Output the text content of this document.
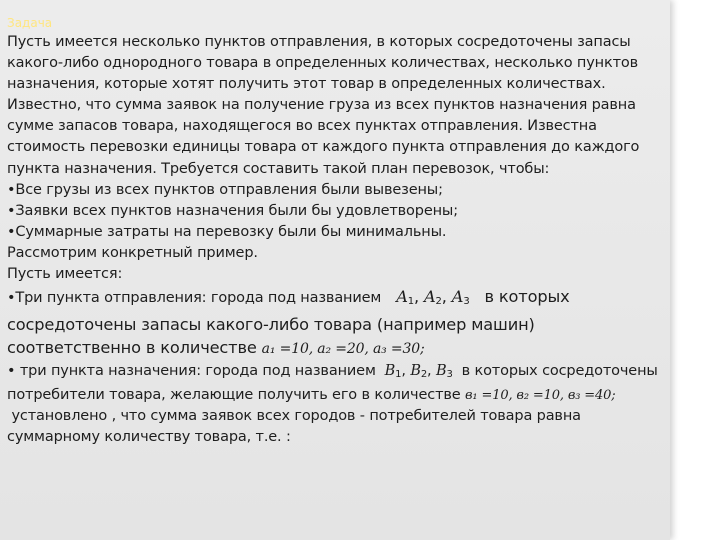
Задача
Пусть имеется несколько пунктов отправления, в которых сосредоточены запасы
какого-либо однородного товара в определенных количествах, несколько пунктов
назначения, которые хотят получить этот товар в определенных количествах.
Известно, что сумма заявок на получение груза из всех пунктов назначения равна
сумме запасов товара, находящегося во всех пунктах отправления. Известна
стоимость перевозки единицы товара от каждого пункта отправления до каждого
пункта назначения. Требуется составить такой план перевозок, чтобы:
•Все грузы из всех пунктов отправления были вывезены;
•Заявки всех пунктов назначения были бы удовлетворены;
•Суммарные затраты на перевозку были бы минимальны.
Рассмотрим конкретный пример.
Пусть имеется:
•Три пункта отправления: города под названием $A_1$, $A_2$, $A_3$ в которых
сосредоточены запасы какого-либо товара (например машин)
соответственно в количестве a₁ =10, a₂ =20, a₃ =30;
• три пункта назначения: города под названием $B_1$, $B_2$, $B_3$ в которых сосредоточены
потребители товара, желающие получить его в количестве в₁ =10, в₂ =10, в₃ =40;
установлено , что сумма заявок всех городов - потребителей товара равна
суммарному количеству товара, т.е. :
